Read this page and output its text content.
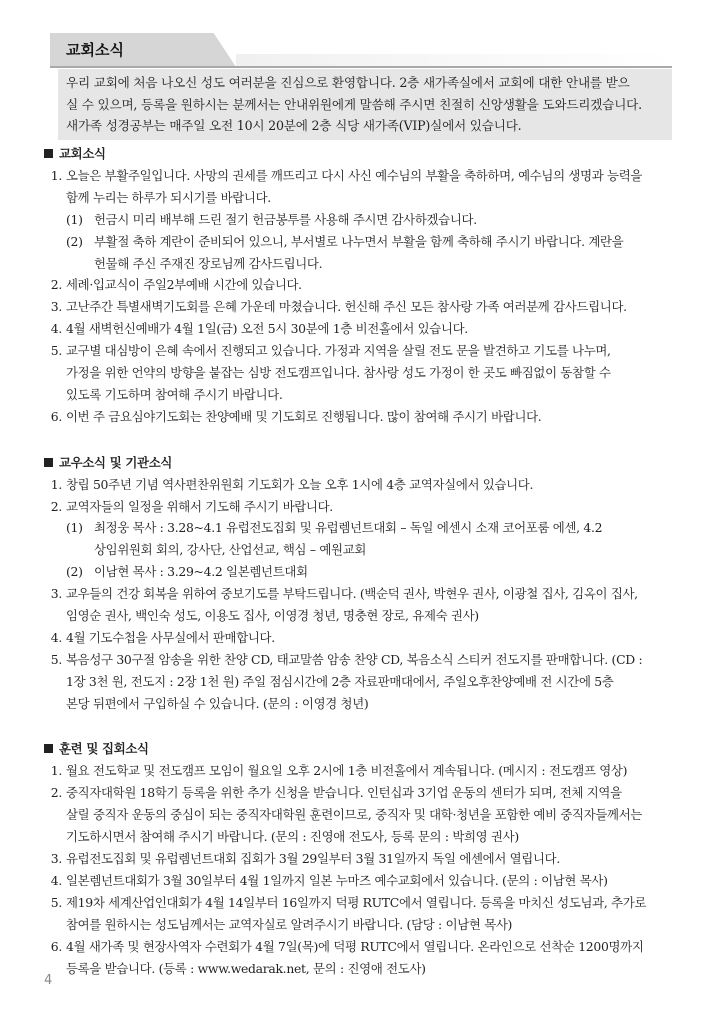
교회소식
우리 교회에 처음 나오신 성도 여러분을 진심으로 환영합니다. 2층 새가족실에서 교회에 대한 안내를 받으
실 수 있으며, 등록을 원하시는 분께서는 안내위원에게 말씀해 주시면 친절히 신앙생활을 도와드리겠습니다.
새가족 성경공부는 매주일 오전 10시 20분에 2층 식당 새가족(VIP)실에서 있습니다.
교회소식
1. 오늘은 부활주일입니다. 사망의 권세를 깨뜨리고 다시 사신 예수님의 부활을 축하하며, 예수님의 생명과 능력을
함께 누리는 하루가 되시기를 바랍니다.
(1) 헌금시 미리 배부해 드린 절기 헌금봉투를 사용해 주시면 감사하겠습니다.
(2) 부활절 축하 계란이 준비되어 있으니, 부서별로 나누면서 부활을 함께 축하해 주시기 바랍니다. 계란을
헌물해 주신 주재진 장로님께 감사드립니다.
2. 세례·입교식이 주일2부예배 시간에 있습니다.
3. 고난주간 특별새벽기도회를 은혜 가운데 마쳤습니다. 헌신해 주신 모든 참사랑 가족 여러분께 감사드립니다.
4. 4월 새벽헌신예배가 4월 1일(금) 오전 5시 30분에 1층 비전홀에서 있습니다.
5. 교구별 대심방이 은혜 속에서 진행되고 있습니다. 가정과 지역을 살릴 전도 문을 발견하고 기도를 나누며,
가정을 위한 언약의 방향을 붙잡는 심방 전도캠프입니다. 참사랑 성도 가정이 한 곳도 빠짐없이 동참할 수
있도록 기도하며 참여해 주시기 바랍니다.
6. 이번 주 금요심야기도회는 찬양예배 및 기도회로 진행됩니다. 많이 참여해 주시기 바랍니다.
교우소식 및 기관소식
1. 창립 50주년 기념 역사편찬위원회 기도회가 오늘 오후 1시에 4층 교역자실에서 있습니다.
2. 교역자들의 일정을 위해서 기도해 주시기 바랍니다.
(1) 최정웅 목사 : 3.28~4.1 유럽전도집회 및 유럽렘넌트대회 – 독일 에센시 소재 코어포룸 에센, 4.2
상임위원회 회의, 강사단, 산업선교, 핵심 – 예원교회
(2) 이남현 목사 : 3.29~4.2 일본렘넌트대회
3. 교우들의 건강 회복을 위하여 중보기도를 부탁드립니다. (백순덕 권사, 박현우 권사, 이광철 집사, 김옥이 집사,
임영순 권사, 백인숙 성도, 이용도 집사, 이영경 청년, 명충현 장로, 유제숙 권사)
4. 4월 기도수첩을 사무실에서 판매합니다.
5. 복음성구 30구절 암송을 위한 찬양 CD, 태교말씀 암송 찬양 CD, 복음소식 스티커 전도지를 판매합니다. (CD :
1장 3천 원, 전도지 : 2장 1천 원) 주일 점심시간에 2층 자료판매대에서, 주일오후찬양예배 전 시간에 5층
본당 뒤편에서 구입하실 수 있습니다. (문의 : 이영경 청년)
훈련 및 집회소식
1. 월요 전도학교 및 전도캠프 모임이 월요일 오후 2시에 1층 비전홀에서 계속됩니다. (메시지 : 전도캠프 영상)
2. 중직자대학원 18학기 등록을 위한 추가 신청을 받습니다. 인턴십과 3기업 운동의 센터가 되며, 전체 지역을
살릴 중직자 운동의 중심이 되는 중직자대학원 훈련이므로, 중직자 및 대학·청년을 포함한 예비 중직자들께서는
기도하시면서 참여해 주시기 바랍니다. (문의 : 진영애 전도사, 등록 문의 : 박희영 권사)
3. 유럽전도집회 및 유럽렘넌트대회 집회가 3월 29일부터 3월 31일까지 독일 에센에서 열립니다.
4. 일본렘넌트대회가 3월 30일부터 4월 1일까지 일본 누마즈 예수교회에서 있습니다. (문의 : 이남현 목사)
5. 제19차 세계산업인대회가 4월 14일부터 16일까지 덕평 RUTC에서 열립니다. 등록을 마치신 성도님과, 추가로
참여를 원하시는 성도님께서는 교역자실로 알려주시기 바랍니다. (담당 : 이남현 목사)
6. 4월 새가족 및 현장사역자 수련회가 4월 7일(목)에 덕평 RUTC에서 열립니다. 온라인으로 선착순 1200명까지
등록을 받습니다. (등록 : www.wedarak.net, 문의 : 진영애 전도사)
4
